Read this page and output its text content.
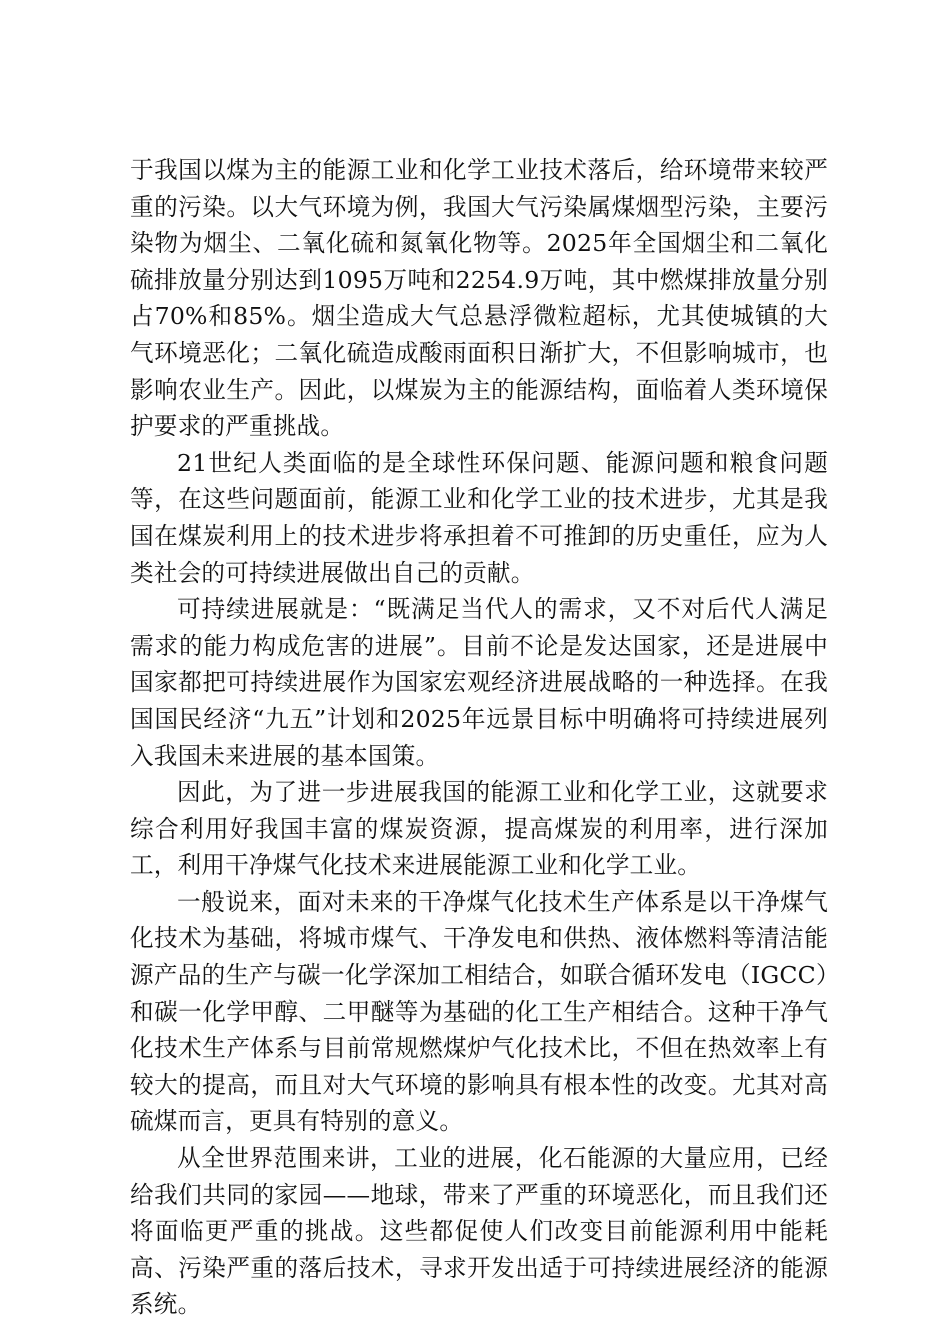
于我国以煤为主的能源工业和化学工业技术落后，给环境带来较严重的污染。以大气环境为例，我国大气污染属煤烟型污染，主要污染物为烟尘、二氧化硫和氮氧化物等。2025年全国烟尘和二氧化硫排放量分别达到1095万吨和2254.9万吨，其中燃煤排放量分别占70%和85%。烟尘造成大气总悬浮微粒超标，尤其使城镇的大气环境恶化；二氧化硫造成酸雨面积日渐扩大，不但影响城市，也影响农业生产。因此，以煤炭为主的能源结构，面临着人类环境保护要求的严重挑战。

21世纪人类面临的是全球性环保问题、能源问题和粮食问题等，在这些问题面前，能源工业和化学工业的技术进步，尤其是我国在煤炭利用上的技术进步将承担着不可推卸的历史重任，应为人类社会的可持续进展做出自己的贡献。

可持续进展就是：“既满足当代人的需求，又不对后代人满足需求的能力构成危害的进展”。目前不论是发达国家，还是进展中国家都把可持续进展作为国家宏观经济进展战略的一种选择。在我国国民经济“九五”计划和2025年远景目标中明确将可持续进展列入我国未来进展的基本国策。

因此，为了进一步进展我国的能源工业和化学工业，这就要求综合利用好我国丰富的煤炭资源，提高煤炭的利用率，进行深加工，利用干净煤气化技术来进展能源工业和化学工业。

一般说来，面对未来的干净煤气化技术生产体系是以干净煤气化技术为基础，将城市煤气、干净发电和供热、液体燃料等清洁能源产品的生产与碳一化学深加工相结合，如联合循环发电（IGCC）和碳一化学甲醇、二甲醚等为基础的化工生产相结合。这种干净气化技术生产体系与目前常规燃煤炉气化技术比，不但在热效率上有较大的提高，而且对大气环境的影响具有根本性的改变。尤其对高硫煤而言，更具有特别的意义。

从全世界范围来讲，工业的进展，化石能源的大量应用，已经给我们共同的家园——地球，带来了严重的环境恶化，而且我们还将面临更严重的挑战。这些都促使人们改变目前能源利用中能耗高、污染严重的落后技术，寻求开发出适于可持续进展经济的能源系统。
